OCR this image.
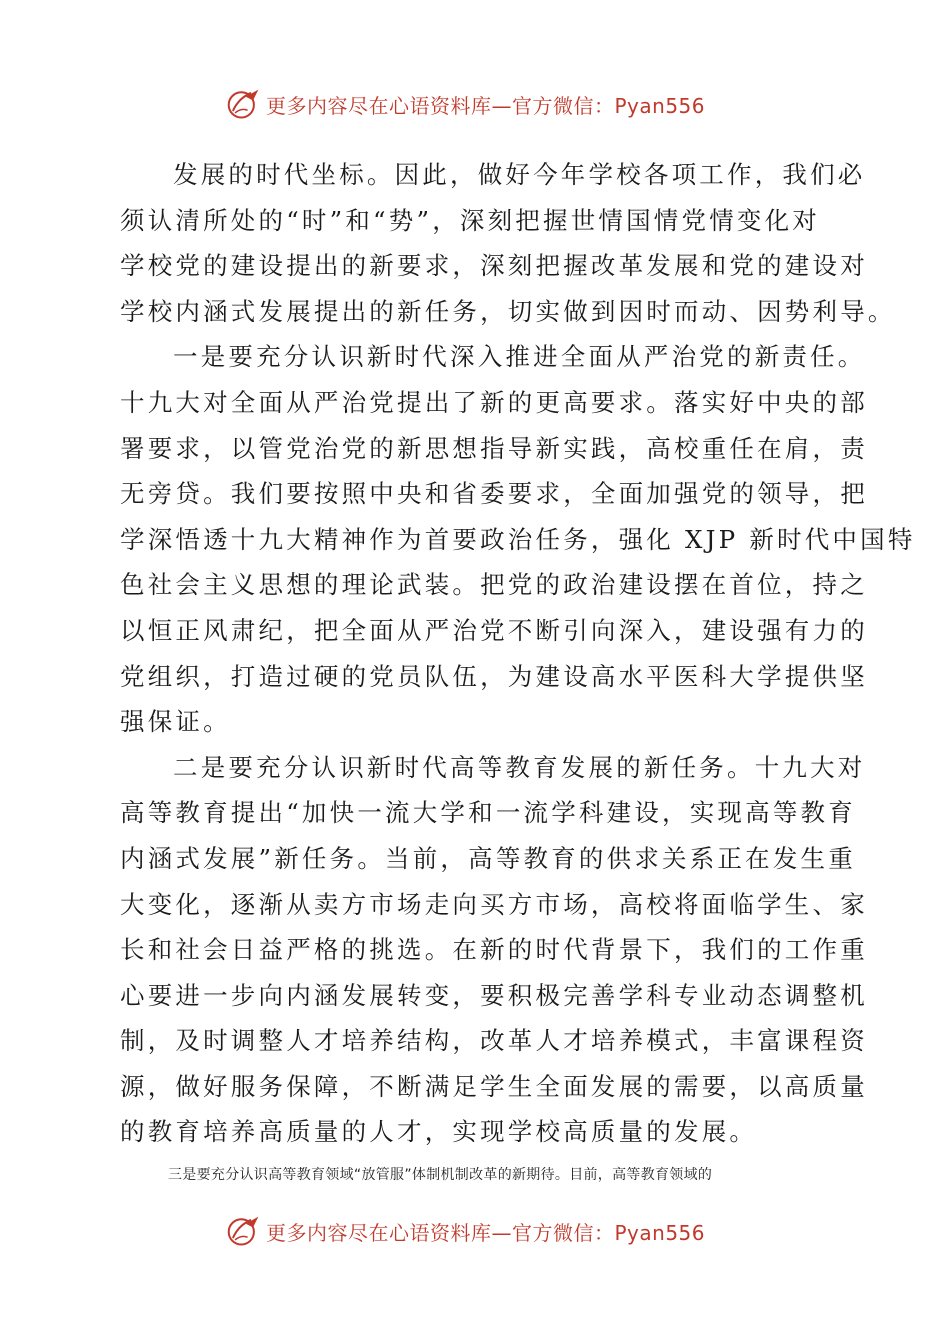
更多内容尽在心语资料库—官方微信：Pyan556

发展的时代坐标。因此，做好今年学校各项工作，我们必
须认清所处的“时”和“势”，深刻把握世情国情党情变化对
学校党的建设提出的新要求，深刻把握改革发展和党的建设对
学校内涵式发展提出的新任务，切实做到因时而动、因势利导。

一是要充分认识新时代深入推进全面从严治党的新责任。
十九大对全面从严治党提出了新的更高要求。落实好中央的部
署要求，以管党治党的新思想指导新实践，高校重任在肩，责
无旁贷。我们要按照中央和省委要求，全面加强党的领导，把
学深悟透十九大精神作为首要政治任务，强化 XJP 新时代中国特
色社会主义思想的理论武装。把党的政治建设摆在首位，持之
以恒正风肃纪，把全面从严治党不断引向深入，建设强有力的
党组织，打造过硬的党员队伍，为建设高水平医科大学提供坚
强保证。

二是要充分认识新时代高等教育发展的新任务。十九大对
高等教育提出“加快一流大学和一流学科建设，实现高等教育
内涵式发展”新任务。当前，高等教育的供求关系正在发生重
大变化，逐渐从卖方市场走向买方市场，高校将面临学生、家
长和社会日益严格的挑选。在新的时代背景下，我们的工作重
心要进一步向内涵发展转变，要积极完善学科专业动态调整机
制，及时调整人才培养结构，改革人才培养模式，丰富课程资
源，做好服务保障，不断满足学生全面发展的需要，以高质量
的教育培养高质量的人才，实现学校高质量的发展。

三是要充分认识高等教育领域“放管服”体制机制改革的新期待。目前，高等教育领域的
更多内容尽在心语资料库—官方微信：Pyan556
